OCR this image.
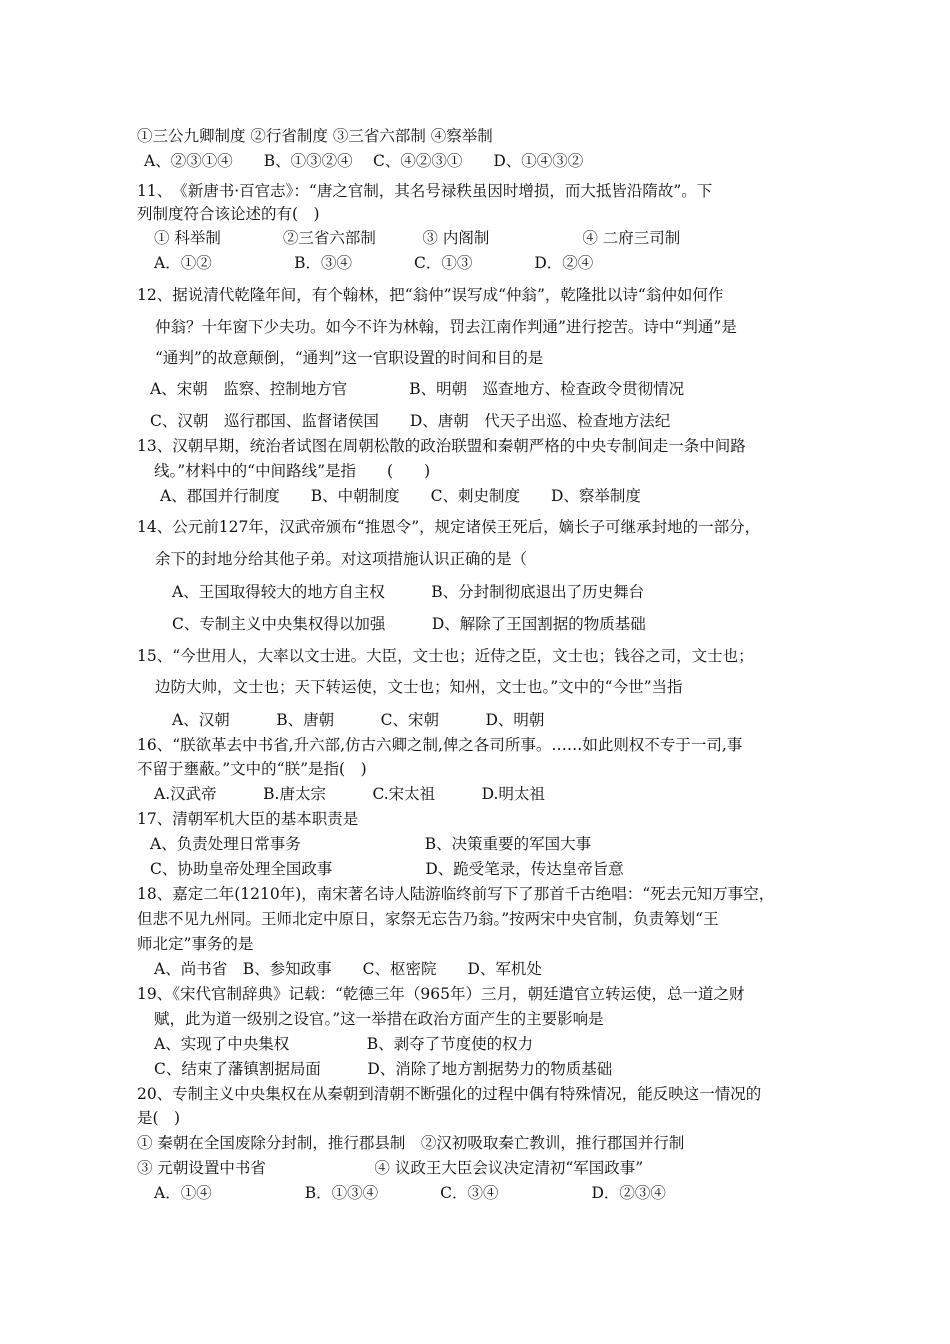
①三公九卿制度 ②行省制度 ③三省六部制 ④察举制
A、②③①④　　B、①③②④　 C、④②③①　　D、①④③②
11、　《新唐书·百官志》：“唐之官制，其名号禄秩虽因时增损，而大抵皆沿隋故”。下
列制度符合该论述的有(　)
① 科举制　　　　②三省六部制　　　③ 内阁制　　　　　　④ 二府三司制
A．①②　　　　　 B．③④　　　　C．①③　　　　D．②④
12、据说清代乾隆年间，有个翰林，把“翁仲”误写成“仲翁”，乾隆批以诗“翁仲如何作
仲翁？十年窗下少夫功。如今不许为林翰，罚去江南作判通”进行挖苦。诗中“判通”是
“通判”的故意颠倒，“通判”这一官职设置的时间和目的是
A、宋朝　监察、控制地方官　　　　B、明朝　巡查地方、检查政令贯彻情况
C、汉朝　巡行郡国、监督诸侯国　　D、唐朝　代天子出巡、检查地方法纪
13、汉朝早期，统治者试图在周朝松散的政治联盟和秦朝严格的中央专制间走一条中间路
线。”材料中的“中间路线”是指　　(　　)
A、郡国并行制度　　B、中朝制度　　C、刺史制度　　D、察举制度
14、公元前127年，汉武帝颁布“推恩令”，规定诸侯王死后，嫡长子可继承封地的一部分，
余下的封地分给其他子弟。对这项措施认识正确的是（
A、王国取得较大的地方自主权　　　B、分封制彻底退出了历史舞台
C、专制主义中央集权得以加强　　　D、解除了王国割据的物质基础
15、“今世用人，大率以文士进。大臣，文士也；近侍之臣，文士也；钱谷之司，文士也；
边防大帅，文士也；天下转运使，文士也；知州，文士也。”文中的“今世”当指
A、汉朝　　　B、唐朝　　　C、宋朝　　　D、明朝
16、“朕欲革去中书省,升六部,仿古六卿之制,俾之各司所事。……如此则权不专于一司,事
不留于壅蔽。”文中的“朕”是指(　)
A.汉武帝　　　B.唐太宗　　　C.宋太祖　　　D.明太祖
17、清朝军机大臣的基本职责是
A、负责处理日常事务　　　　　　　　B、决策重要的军国大事
C、协助皇帝处理全国政事　　　　　　D、跪受笔录，传达皇帝旨意
18、嘉定二年(1210年)，南宋著名诗人陆游临终前写下了那首千古绝唱：“死去元知万事空，
但悲不见九州同。王师北定中原日，家祭无忘告乃翁。”按两宋中央官制，负责筹划“王
师北定”事务的是
A、尚书省　B、参知政事　　C、枢密院　　D、军机处
19、《宋代官制辞典》记载：“乾德三年（965年）三月，朝廷遣官立转运使，总一道之财
赋，此为道一级别之设官。”这一举措在政治方面产生的主要影响是
A、实现了中央集权　　　　　B、剥夺了节度使的权力
C、结束了藩镇割据局面　　　D、消除了地方割据势力的物质基础
20、专制主义中央集权在从秦朝到清朝不断强化的过程中偶有特殊情况，能反映这一情况的
是(　)
① 秦朝在全国废除分封制，推行郡县制　②汉初吸取秦亡教训，推行郡国并行制
③ 元朝设置中书省　　　　　　　④ 议政王大臣会议决定清初“军国政事”
A．①④　　　　　　B．①③④　　　　C．③④　　　　　　D．②③④
